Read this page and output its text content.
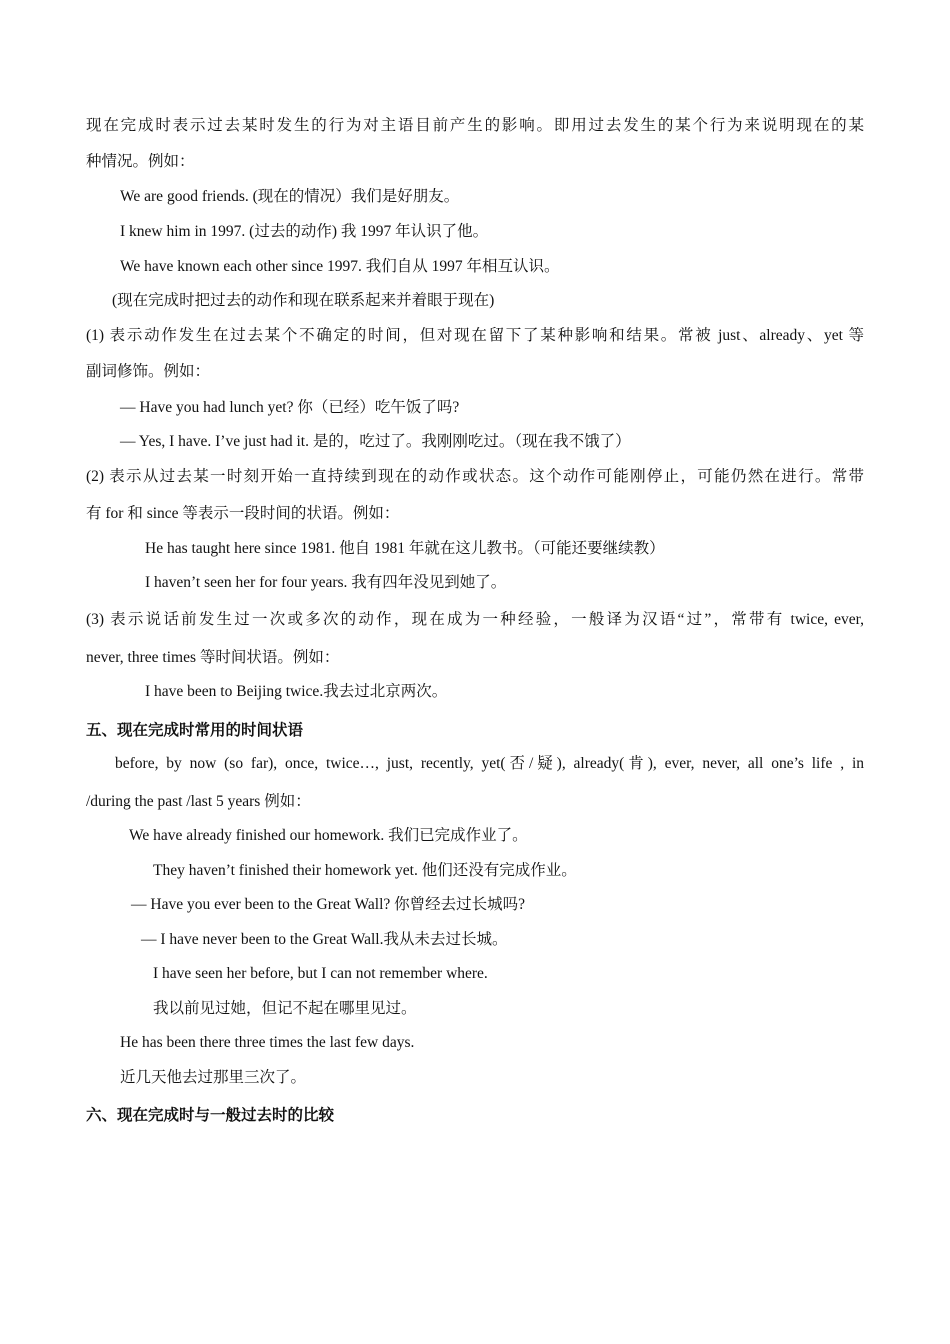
现在完成时表示过去某时发生的行为对主语目前产生的影响。即用过去发生的某个行为来说明现在的某
种情况。例如：
We are good friends. (现在的情况）我们是好朋友。
I knew him in 1997. (过去的动作) 我 1997 年认识了他。
We have known each other since 1997. 我们自从 1997 年相互认识。
(现在完成时把过去的动作和现在联系起来并着眼于现在)
(1) 表示动作发生在过去某个不确定的时间，但对现在留下了某种影响和结果。常被 just、already、yet 等
副词修饰。例如：
— Have you had lunch yet? 你（已经）吃午饭了吗?
— Yes, I have. I’ve just had it. 是的，吃过了。我刚刚吃过。（现在我不饿了）
(2) 表示从过去某一时刻开始一直持续到现在的动作或状态。这个动作可能刚停止，可能仍然在进行。常带
有 for 和 since 等表示一段时间的状语。例如：
He has taught here since 1981. 他自 1981 年就在这儿教书。（可能还要继续教）
I haven’t seen her for four years. 我有四年没见到她了。
(3) 表示说话前发生过一次或多次的动作，现在成为一种经验，一般译为汉语“过”，常带有 twice, ever,
never, three times 等时间状语。例如：
I have been to Beijing twice.我去过北京两次。
五、现在完成时常用的时间状语
before, by now (so far), once, twice…, just, recently, yet(否/疑), already(肯), ever, never, all one’s life , in
/during the past /last 5 years 例如：
We have already finished our homework. 我们已完成作业了。
They haven’t finished their homework yet. 他们还没有完成作业。
— Have you ever been to the Great Wall? 你曾经去过长城吗?
— I have never been to the Great Wall.我从未去过长城。
I have seen her before, but I can not remember where.
我以前见过她，但记不起在哪里见过。
He has been there three times the last few days.
近几天他去过那里三次了。
六、现在完成时与一般过去时的比较
